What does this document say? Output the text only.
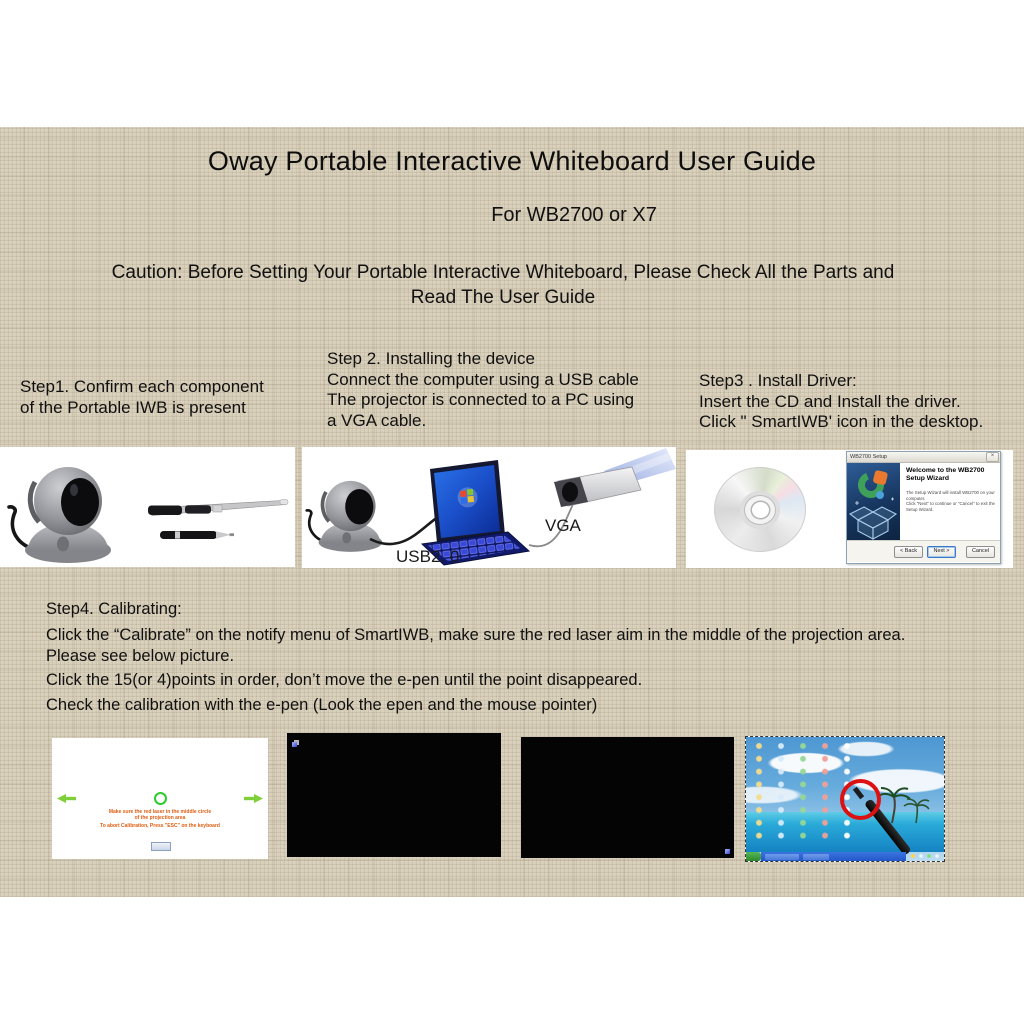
Oway Portable Interactive Whiteboard User Guide
For WB2700 or X7
Caution: Before Setting Your Portable Interactive Whiteboard, Please Check All the Parts and
Read The User Guide
Step1. Confirm each component
of the Portable IWB is present
Step 2. Installing the device
Connect the computer using a USB cable
The projector is connected to a PC using
a VGA cable.
Step3 . Install Driver:
Insert the CD and Install the driver.
Click " SmartIWB' icon in the desktop.
USB2. 0
VGA
WB2700 Setup	×
Welcome to the WB2700 Setup Wizard
The Setup Wizard will install WB2700 on your computer.
Click "Next" to continue or "Cancel" to exit the Setup Wizard.
< Back	Next >	Cancel
Step4. Calibrating:
Click the “Calibrate” on the notify menu of SmartIWB, make sure the red laser aim in the middle of the projection area.
Please see below picture.
Click the 15(or 4)points in order, don’t move the e-pen until the point disappeared.
Check the calibration with the e-pen (Look the epen and the mouse pointer)
Make sure the red laser in the middle circle
of the projection area
To abort Calibration, Press "ESC" on the keyboard
